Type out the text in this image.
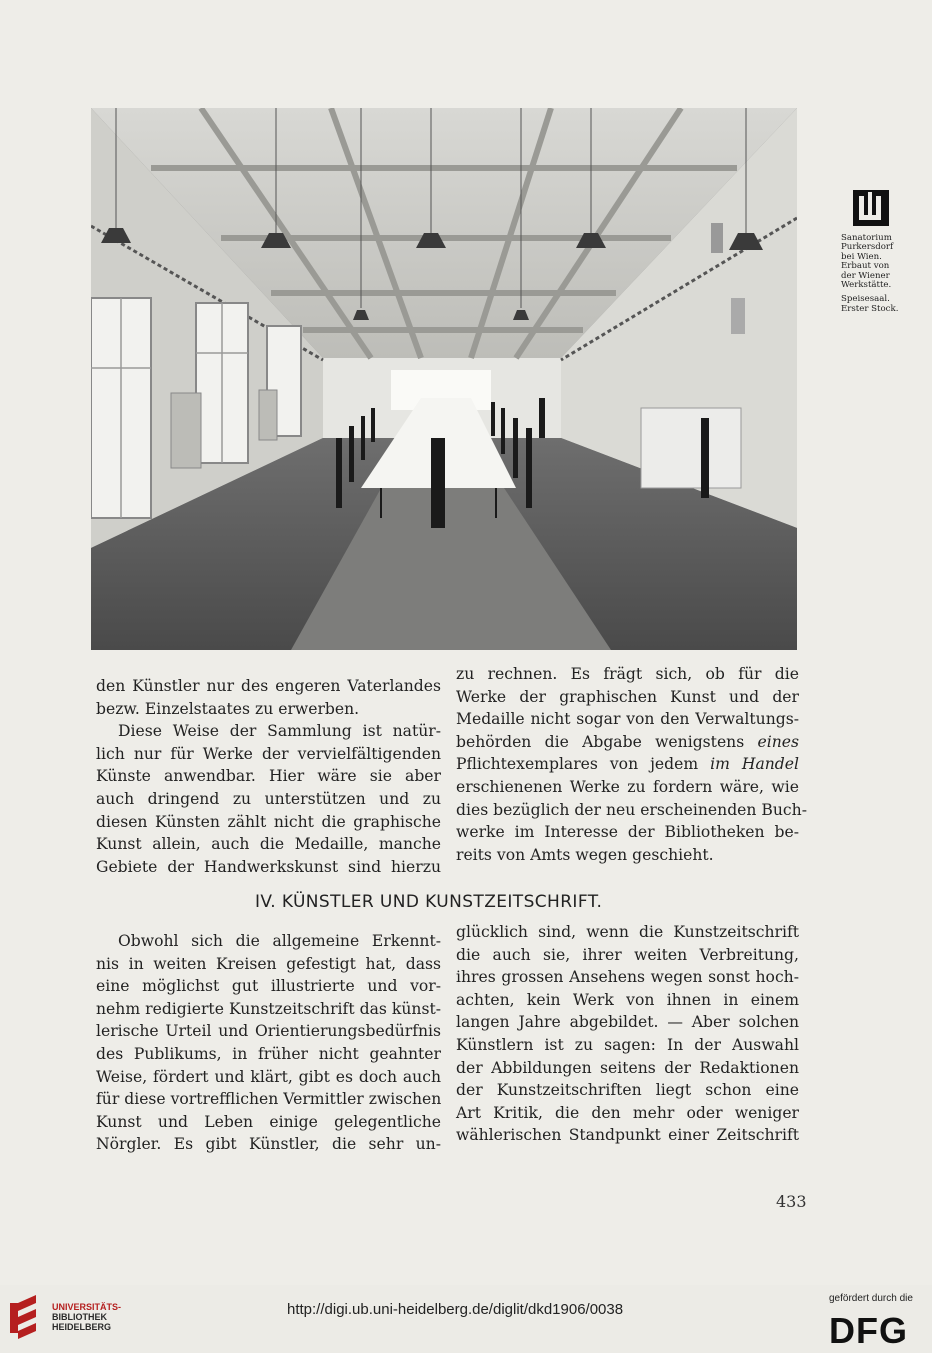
Sanatorium
Purkersdorf
bei Wien.
Erbaut von
der Wiener
Werkstätte.
Speisesaal.
Erster Stock.
den Künstler nur des engeren Vaterlandes
bezw. Einzelstaates zu erwerben.
Diese Weise der Sammlung ist natür-
lich nur für Werke der vervielfältigenden
Künste anwendbar. Hier wäre sie aber
auch dringend zu unterstützen und zu
diesen Künsten zählt nicht die graphische
Kunst allein, auch die Medaille, manche
Gebiete der Handwerkskunst sind hierzu
zu rechnen. Es frägt sich, ob für die
Werke der graphischen Kunst und der
Medaille nicht sogar von den Verwaltungs-
behörden die Abgabe wenigstens eines
Pflichtexemplares von jedem im Handel
erschienenen Werke zu fordern wäre, wie
dies bezüglich der neu erscheinenden Buch-
werke im Interesse der Bibliotheken be-
reits von Amts wegen geschieht.
IV. KÜNSTLER UND KUNSTZEITSCHRIFT.
Obwohl sich die allgemeine Erkennt-
nis in weiten Kreisen gefestigt hat, dass
eine möglichst gut illustrierte und vor-
nehm redigierte Kunstzeitschrift das künst-
lerische Urteil und Orientierungsbedürfnis
des Publikums, in früher nicht geahnter
Weise, fördert und klärt, gibt es doch auch
für diese vortrefflichen Vermittler zwischen
Kunst und Leben einige gelegentliche
Nörgler. Es gibt Künstler, die sehr un-
glücklich sind, wenn die Kunstzeitschrift
die auch sie, ihrer weiten Verbreitung,
ihres grossen Ansehens wegen sonst hoch-
achten, kein Werk von ihnen in einem
langen Jahre abgebildet. — Aber solchen
Künstlern ist zu sagen: In der Auswahl
der Abbildungen seitens der Redaktionen
der Kunstzeitschriften liegt schon eine
Art Kritik, die den mehr oder weniger
wählerischen Standpunkt einer Zeitschrift
433
UNIVERSITÄTS-
BIBLIOTHEK
HEIDELBERG
http://digi.ub.uni-heidelberg.de/diglit/dkd1906/0038
gefördert durch die
DFG
